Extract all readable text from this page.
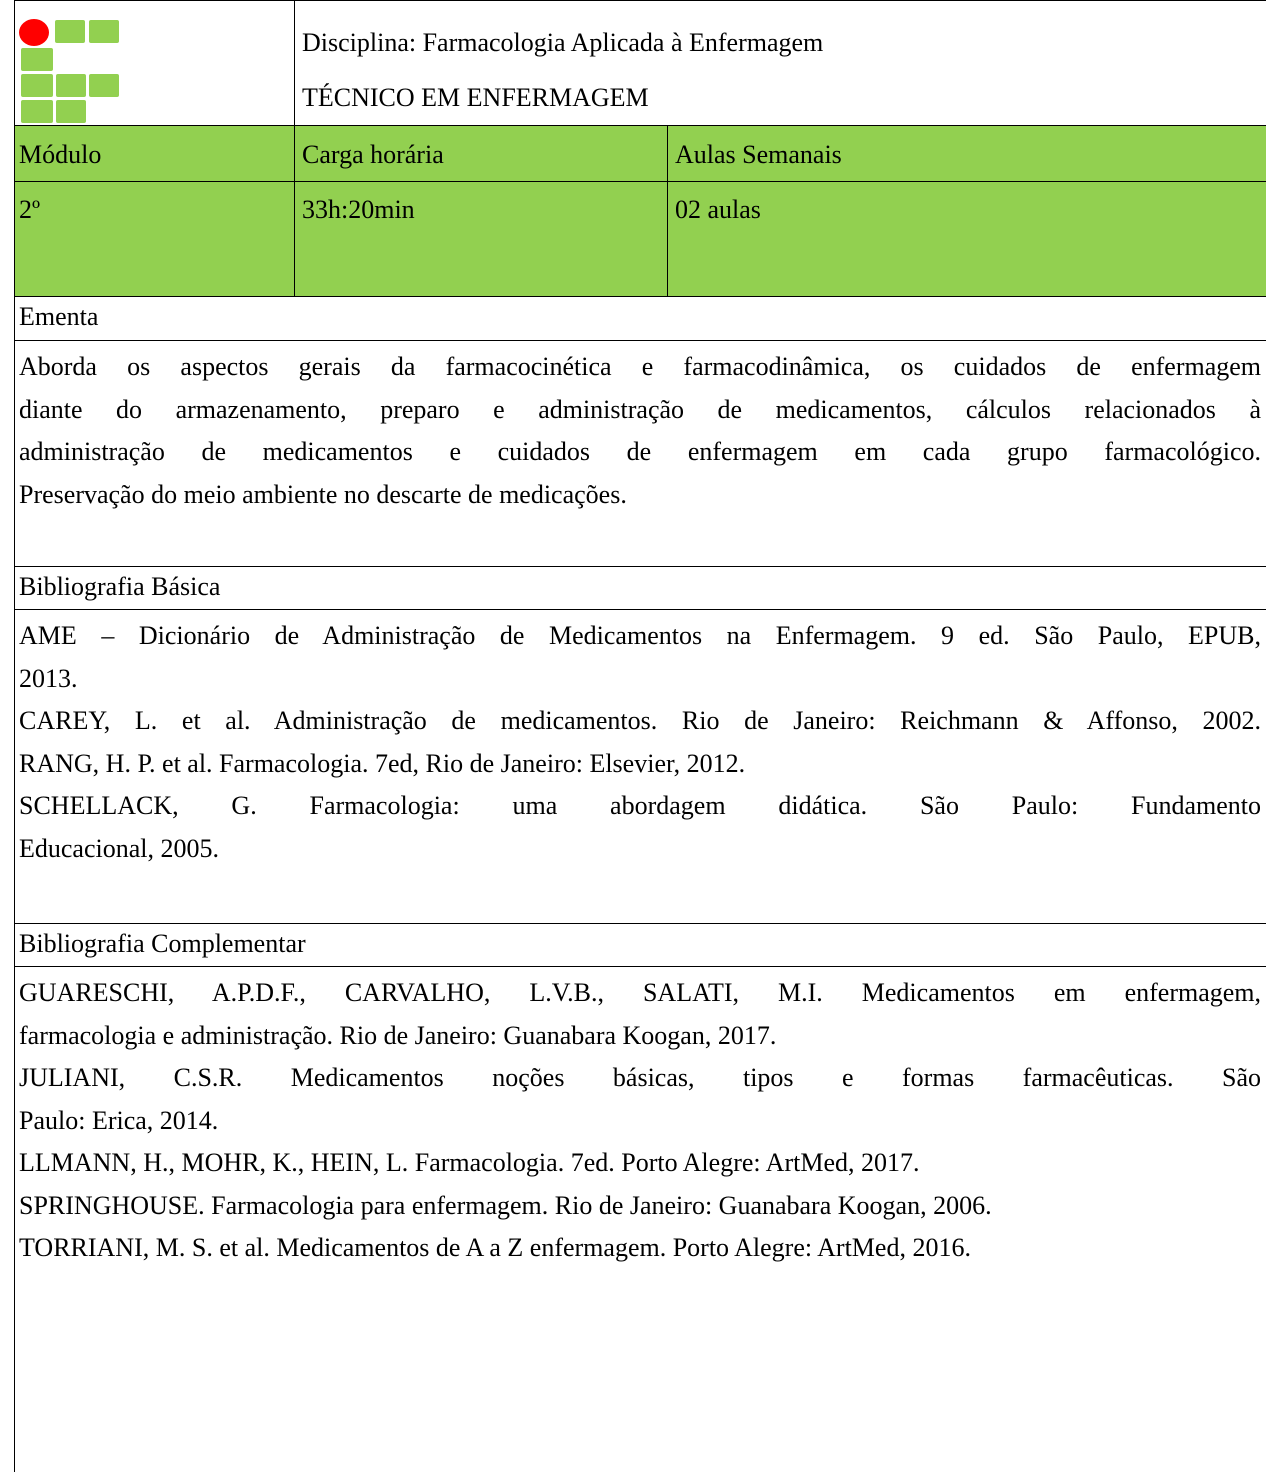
Disciplina: Farmacologia Aplicada à Enfermagem
TÉCNICO EM ENFERMAGEM
Módulo	Carga horária	Aulas Semanais
2º	33h:20min	02 aulas
Ementa
Aborda os aspectos gerais da farmacocinética e farmacodinâmica, os cuidados de enfermagem
diante do armazenamento, preparo e administração de medicamentos, cálculos relacionados à
administração de medicamentos e cuidados de enfermagem em cada grupo farmacológico.
Preservação do meio ambiente no descarte de medicações.
Bibliografia Básica
AME – Dicionário de Administração de Medicamentos na Enfermagem. 9 ed. São Paulo, EPUB,
2013.
CAREY, L. et al. Administração de medicamentos. Rio de Janeiro: Reichmann & Affonso, 2002.
RANG, H. P. et al. Farmacologia. 7ed, Rio de Janeiro: Elsevier, 2012.
SCHELLACK, G. Farmacologia: uma abordagem didática. São Paulo: Fundamento
Educacional, 2005.
Bibliografia Complementar
GUARESCHI, A.P.D.F., CARVALHO, L.V.B., SALATI, M.I. Medicamentos em enfermagem,
farmacologia e administração. Rio de Janeiro: Guanabara Koogan, 2017.
JULIANI, C.S.R. Medicamentos noções básicas, tipos e formas farmacêuticas. São
Paulo: Erica, 2014.
LLMANN, H., MOHR, K., HEIN, L. Farmacologia. 7ed. Porto Alegre: ArtMed, 2017.
SPRINGHOUSE. Farmacologia para enfermagem. Rio de Janeiro: Guanabara Koogan, 2006.
TORRIANI, M. S. et al. Medicamentos de A a Z enfermagem. Porto Alegre: ArtMed, 2016.
